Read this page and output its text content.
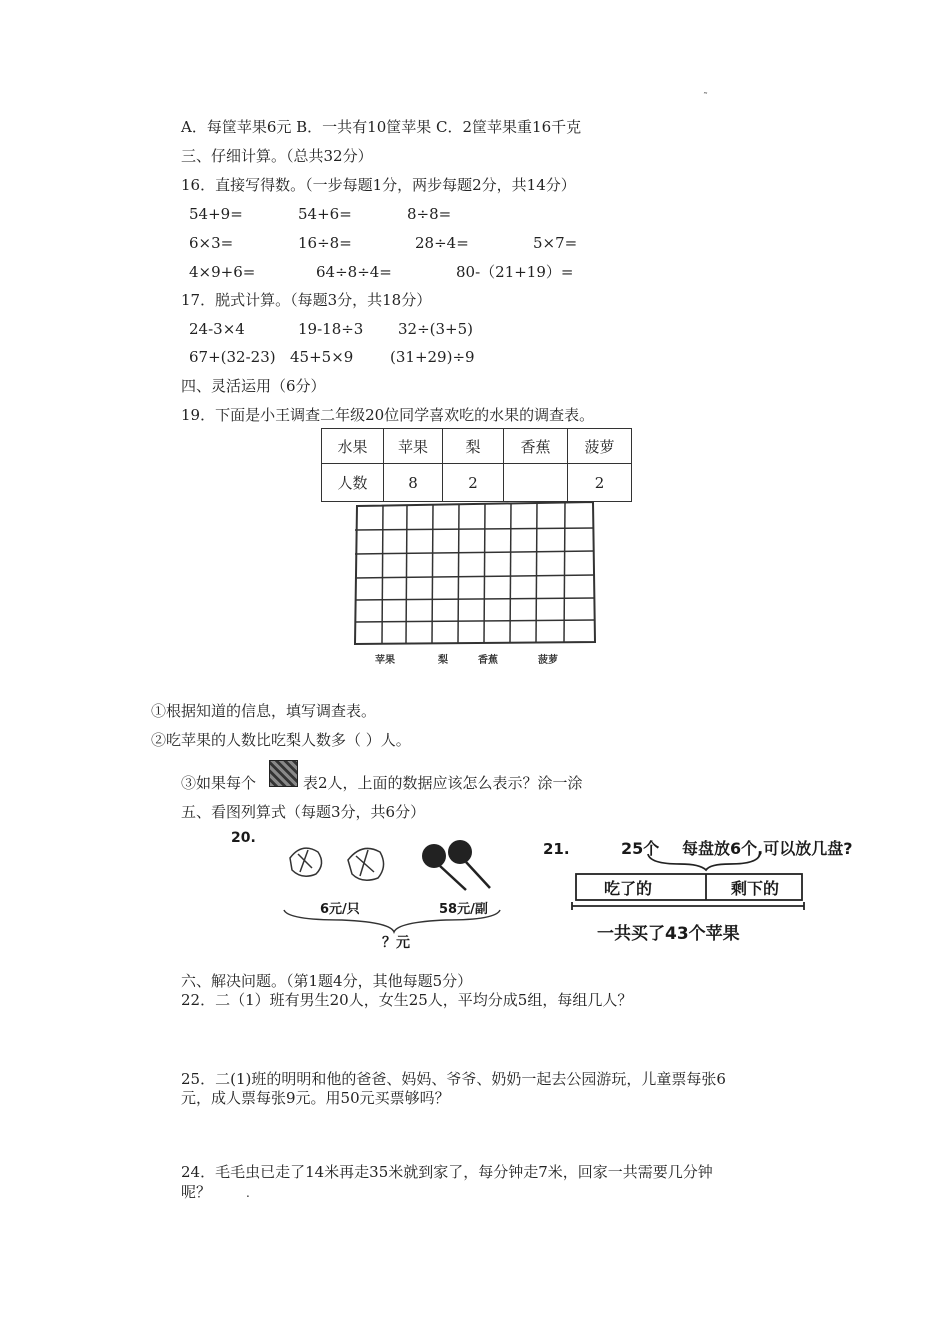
˜
A．每筐苹果6元 B．一共有10筐苹果 C．2筐苹果重16千克
三、仔细计算。（总共32分）
16．直接写得数。（一步每题1分，两步每题2分，共14分）
54+9=	54+6=	8÷8=
6×3=	16÷8=	28÷4=	5×7=
4×9+6=	64÷8÷4=	80-（21+19）=
17．脱式计算。（每题3分，共18分）
24-3×4	19-18÷3 32÷(3+5)
67+(32-23) 45+5×9 (31+29)÷9
四、灵活运用（6分）
19．下面是小王调查二年级20位同学喜欢吃的水果的调查表。
水果	苹果	梨	香蕉	菠萝
人数	8	2		2
苹果	梨	香蕉	菠萝
①根据知道的信息，填写调查表。
②吃苹果的人数比吃梨人数多（ ）人。
③如果每个	表2人，上面的数据应该怎么表示？涂一涂
五、看图列算式（每题3分，共6分）
20.
6元/只	58元/副
？元
21.	25个 每盘放6个,可以放几盘?
吃了的	剩下的
一共买了43个苹果
六、解决问题。（第1题4分，其他每题5分）
22．二（1）班有男生20人，女生25人，平均分成5组，每组几人？
25．二(1)班的明明和他的爸爸、妈妈、爷爷、奶奶一起去公园游玩，儿童票每张6
元，成人票每张9元。用50元买票够吗？
24．毛毛虫已走了14米再走35米就到家了，每分钟走7米，回家一共需要几分钟
呢？	.
